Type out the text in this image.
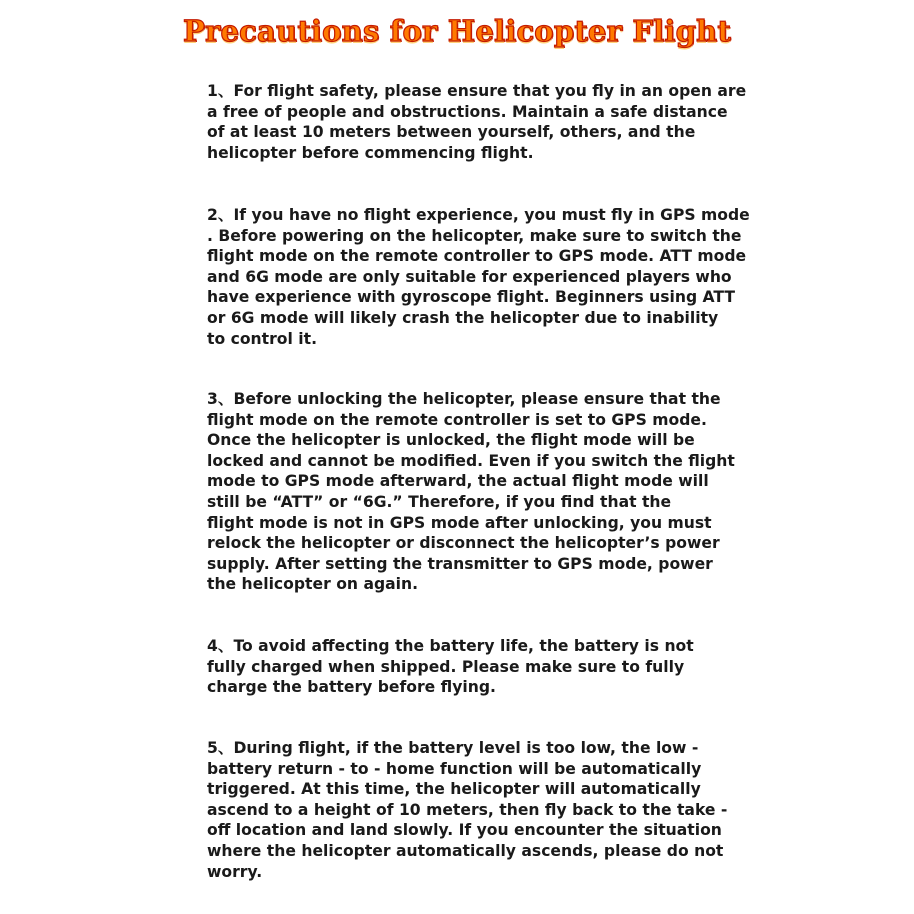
Precautions for Helicopter Flight
1、For flight safety, please ensure that you fly in an open are
a free of people and obstructions. Maintain a safe distance
of at least 10 meters between yourself, others, and the
helicopter before commencing flight.
2、If you have no flight experience, you must fly in GPS mode
. Before powering on the helicopter, make sure to switch the
flight mode on the remote controller to GPS mode. ATT mode
and 6G mode are only suitable for experienced players who
have experience with gyroscope flight. Beginners using ATT
or 6G mode will likely crash the helicopter due to inability
to control it.
3、Before unlocking the helicopter, please ensure that the
flight mode on the remote controller is set to GPS mode.
Once the helicopter is unlocked, the flight mode will be
locked and cannot be modified. Even if you switch the flight
mode to GPS mode afterward, the actual flight mode will
still be “ATT” or “6G.” Therefore, if you find that the
flight mode is not in GPS mode after unlocking, you must
relock the helicopter or disconnect the helicopter’s power
supply. After setting the transmitter to GPS mode, power
the helicopter on again.
4、To avoid affecting the battery life, the battery is not
fully charged when shipped. Please make sure to fully
charge the battery before flying.
5、During flight, if the battery level is too low, the low -
battery return - to - home function will be automatically
triggered. At this time, the helicopter will automatically
ascend to a height of 10 meters, then fly back to the take -
off location and land slowly. If you encounter the situation
where the helicopter automatically ascends, please do not
worry.
